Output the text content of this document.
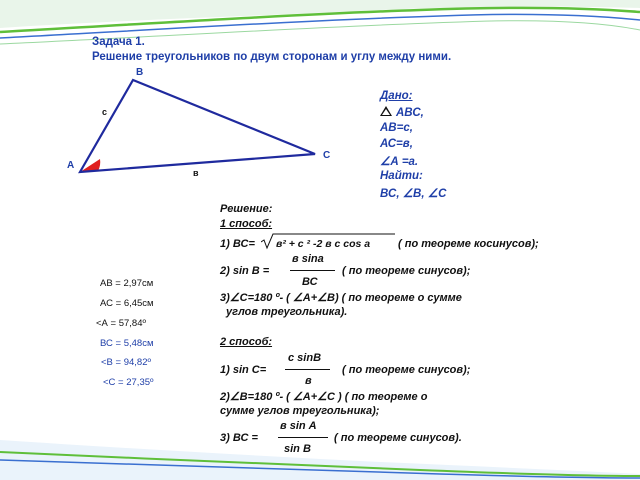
Задача 1.
Решение треугольников по двум сторонам и углу между ними.
В
А
С
с
в
Дано:
АВС,
АВ=с,
АС=в,
∠А =а.
Найти:
ВС, ∠В, ∠С
Решение:
1 способ:
1) ВС= в² + с ² -2 в с cos а	( по теореме косинусов);
в sinа
2) sin В =
ВС
( по теореме синусов);
3)∠С=180 º- ( ∠А+∠В) ( по теореме о сумме
углов треугольника).
2 способ:
с sinВ
1) sin С=
в
( по теореме синусов);
2)∠В=180 º- ( ∠А+∠С ) ( по теореме о
сумме углов треугольника);
в sin А
3) ВС =
sin В
( по теореме синусов).
АВ = 2,97см
АС = 6,45см
<А = 57,84º
ВС = 5,48см
<В = 94,82º
<С = 27,35º
